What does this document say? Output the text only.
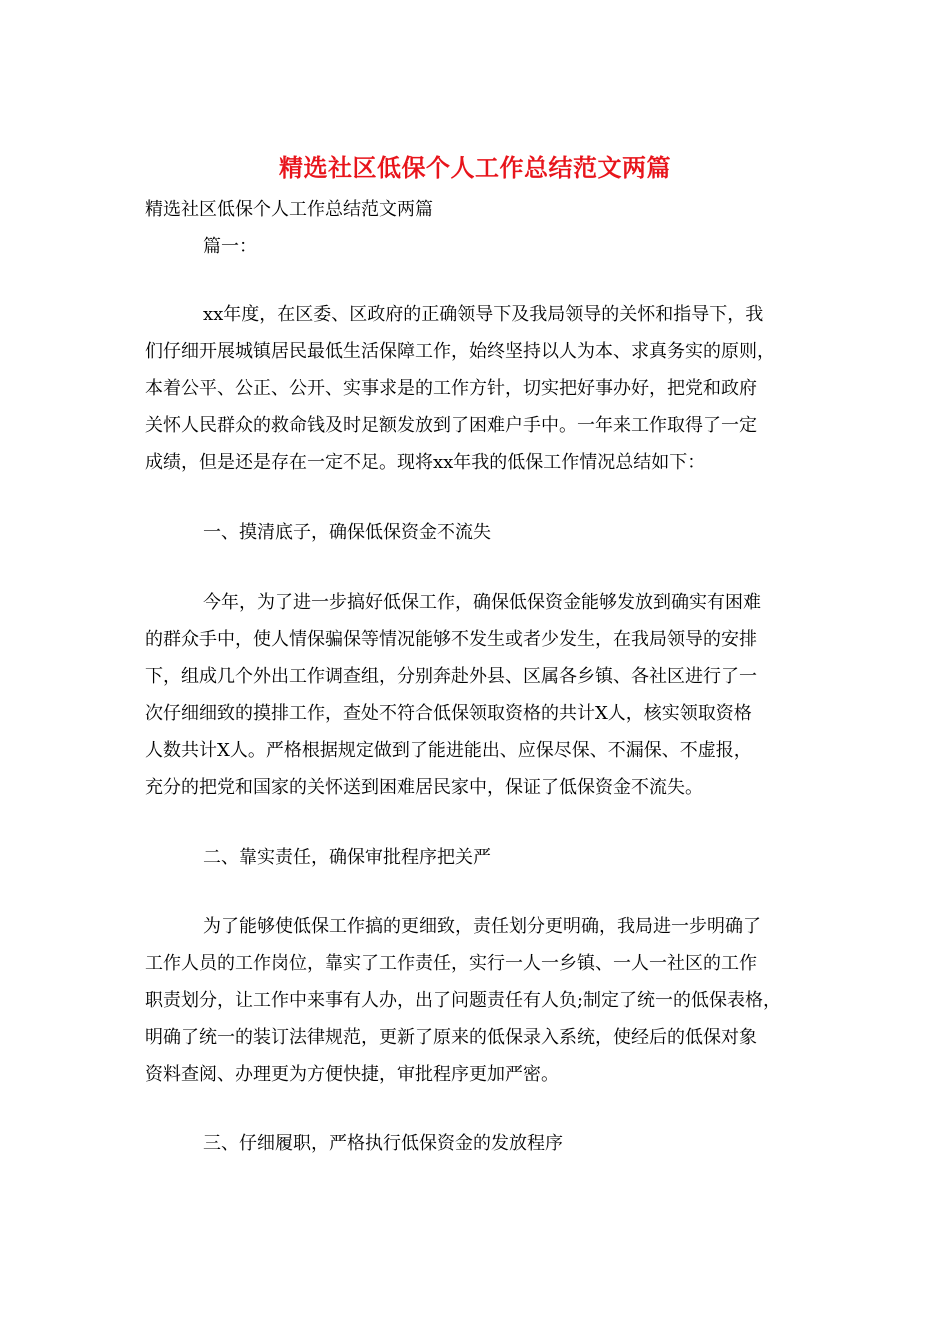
精选社区低保个人工作总结范文两篇
精选社区低保个人工作总结范文两篇
篇一：
xx年度，在区委、区政府的正确领导下及我局领导的关怀和指导下，我
们仔细开展城镇居民最低生活保障工作，始终坚持以人为本、求真务实的原则，
本着公平、公正、公开、实事求是的工作方针，切实把好事办好，把党和政府
关怀人民群众的救命钱及时足额发放到了困难户手中。一年来工作取得了一定
成绩，但是还是存在一定不足。现将xx年我的低保工作情况总结如下：
一、摸清底子，确保低保资金不流失
今年，为了进一步搞好低保工作，确保低保资金能够发放到确实有困难
的群众手中，使人情保骗保等情况能够不发生或者少发生，在我局领导的安排
下，组成几个外出工作调查组，分别奔赴外县、区属各乡镇、各社区进行了一
次仔细细致的摸排工作，查处不符合低保领取资格的共计X人，核实领取资格
人数共计X人。严格根据规定做到了能进能出、应保尽保、不漏保、不虚报，
充分的把党和国家的关怀送到困难居民家中，保证了低保资金不流失。
二、靠实责任，确保审批程序把关严
为了能够使低保工作搞的更细致，责任划分更明确，我局进一步明确了
工作人员的工作岗位，靠实了工作责任，实行一人一乡镇、一人一社区的工作
职责划分，让工作中来事有人办，出了问题责任有人负;制定了统一的低保表格，
明确了统一的装订法律规范，更新了原来的低保录入系统，使经后的低保对象
资料查阅、办理更为方便快捷，审批程序更加严密。
三、仔细履职，严格执行低保资金的发放程序
